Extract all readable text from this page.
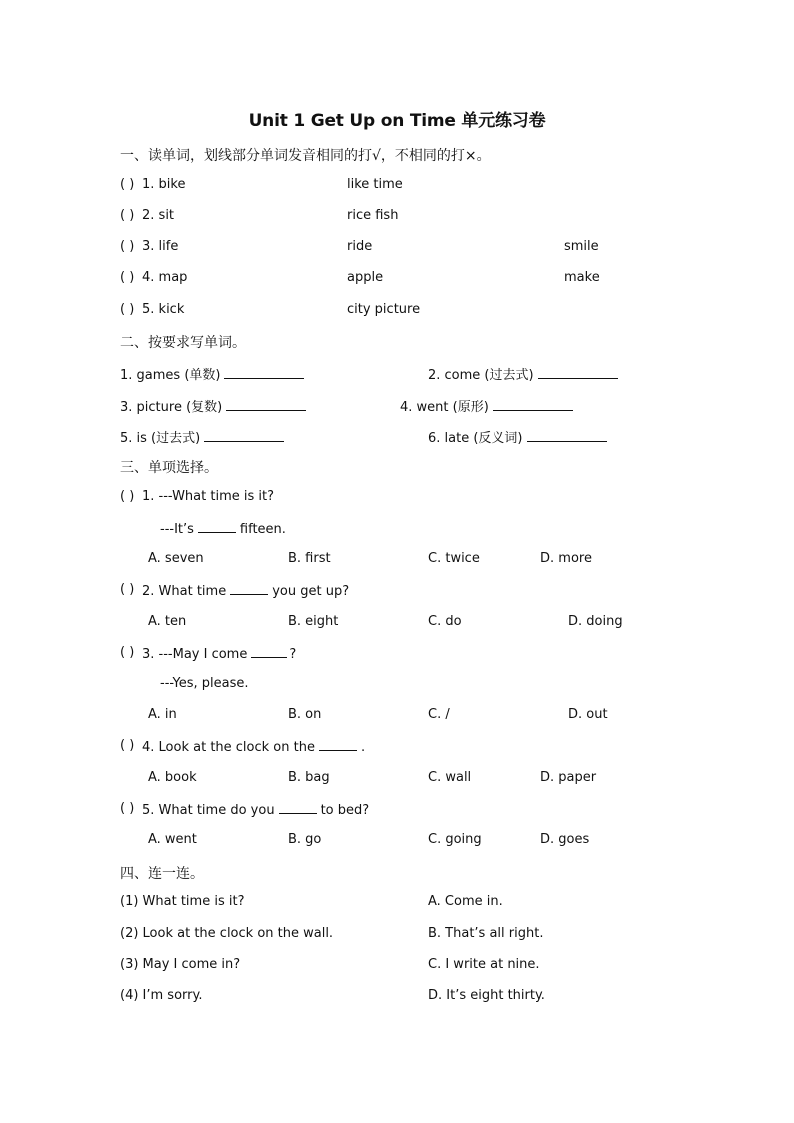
Unit 1 Get Up on Time 单元练习卷
一、读单词，划线部分单词发音相同的打√，不相同的打×。
( ) 1. bike	like time
( ) 2. sit	rice fish
( ) 3. life	ride	smile
( ) 4. map	apple	make
( ) 5. kick	city picture
二、按要求写单词。
1. games (单数)	2. come (过去式)
3. picture (复数)	4. went (原形)
5. is (过去式)	6. late (反义词)
三、单项选择。
( ) 1. ---What time is it?
---It’s	fifteen.
A. seven	B. first	C. twice	D. more
( ) 2. What time	you get up?
A. ten	B. eight	C. do	D. doing
( ) 3. ---May I come	?
---Yes, please.
A. in	B. on	C. /	D. out
( ) 4. Look at the clock on the	.
A. book	B. bag	C. wall	D. paper
( ) 5. What time do you	to bed?
A. went	B. go	C. going	D. goes
四、连一连。
(1) What time is it?	A. Come in.
(2) Look at the clock on the wall.	B. That’s all right.
(3) May I come in?	C. I write at nine.
(4) I’m sorry.	D. It’s eight thirty.
